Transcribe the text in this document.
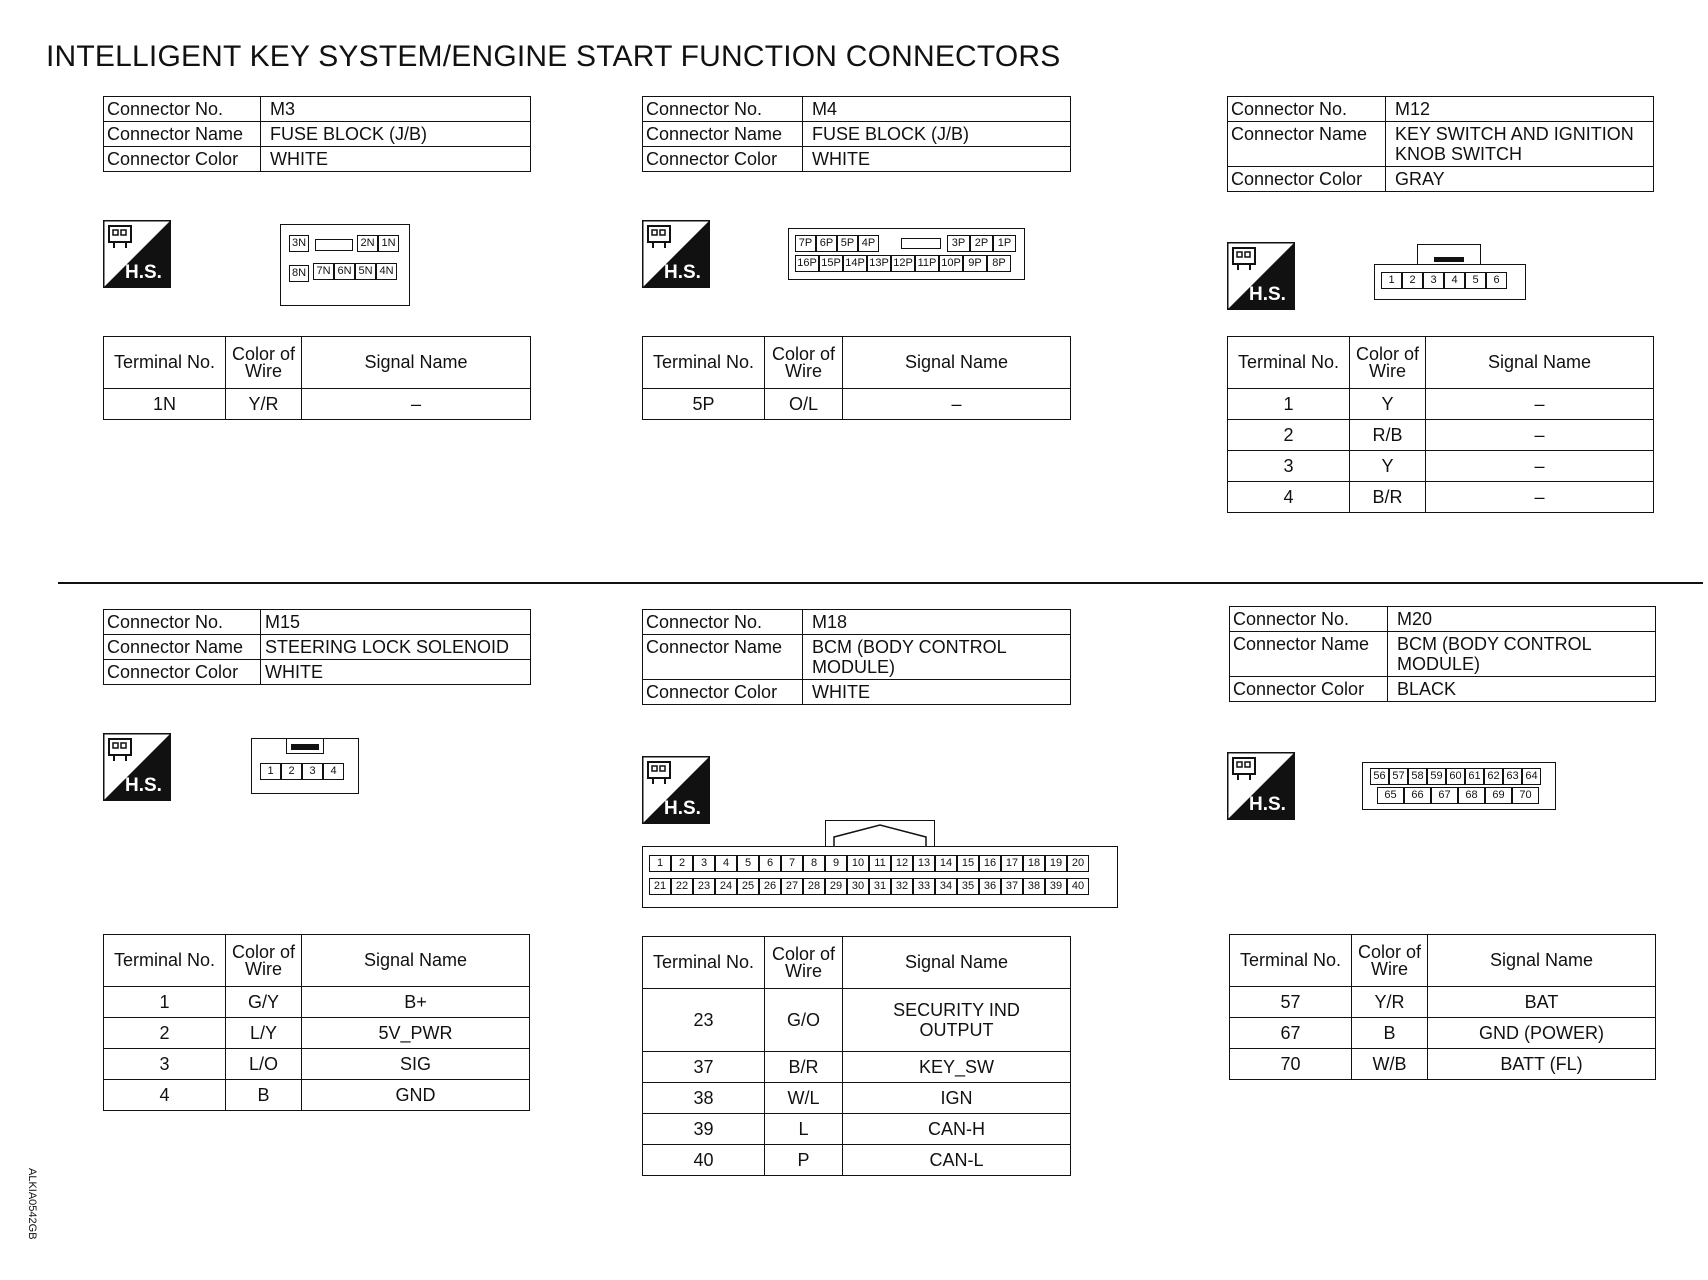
INTELLIGENT KEY SYSTEM/ENGINE START FUNCTION CONNECTORS
ALKIA0542GB
Connector No.	M3
Connector Name	FUSE BLOCK (J/B)
Connector Color	WHITE
H.S.
3N	2N 1N
8N 7N 6N 5N 4N
Terminal No.	Color of Wire	Signal Name
1N	Y/R	–
Connector No.	M4
Connector Name	FUSE BLOCK (J/B)
Connector Color	WHITE
H.S.
7P 6P 5P 4P	3P 2P 1P
16P 15P 14P 13P 12P 11P 10P 9P 8P
Terminal No.	Color of Wire	Signal Name
5P	O/L	–
Connector No.	M12
Connector Name	KEY SWITCH AND IGNITION KNOB SWITCH
Connector Color	GRAY
H.S.
1	2	3	4	5	6
Terminal No.	Color of Wire	Signal Name
1	Y	–
2	R/B	–
3	Y	–
4	B/R	–
Connector No.	M15
Connector Name	STEERING LOCK SOLENOID
Connector Color	WHITE
H.S.
1	2	3	4
Terminal No.	Color of Wire	Signal Name
1	G/Y	B+
2	L/Y	5V_PWR
3	L/O	SIG
4	B	GND
Connector No.	M18
Connector Name	BCM (BODY CONTROL MODULE)
Connector Color	WHITE
H.S.
1	2	3	4	5	6	7	8	9	10 11 12 13 14 15 16 17 18 19 20
21 22 23 24 25 26 27 28 29 30 31 32 33 34 35 36 37 38 39 40
Terminal No.	Color of Wire	Signal Name
23	G/O	SECURITY IND OUTPUT
37	B/R	KEY_SW
38	W/L	IGN
39	L	CAN-H
40	P	CAN-L
Connector No.	M20
Connector Name	BCM (BODY CONTROL MODULE)
Connector Color	BLACK
H.S.
56 57 58 59 60 61 62 63 64
65	66	67	68	69	70
Terminal No.	Color of Wire	Signal Name
57	Y/R	BAT
67	B	GND (POWER)
70	W/B	BATT (FL)
